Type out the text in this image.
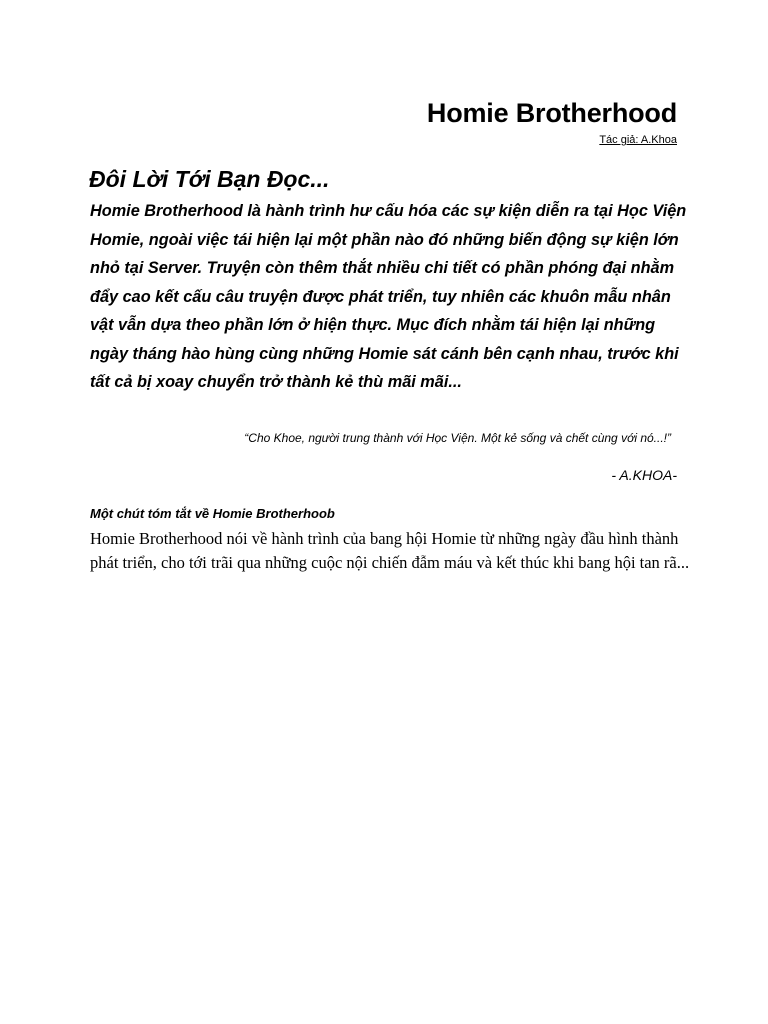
Homie Brotherhood
Tác giả: A.Khoa
Đôi Lời Tới Bạn Đọc...

Homie Brotherhood là hành trình hư cấu hóa các sự kiện diễn ra tại Học Viện Homie, ngoài việc tái hiện lại một phần nào đó những biến động sự kiện lớn nhỏ tại Server. Truyện còn thêm thắt nhiều chi tiết có phần phóng đại nhằm đẩy cao kết cấu câu truyện được phát triển, tuy nhiên các khuôn mẫu nhân vật vẫn dựa theo phần lớn ở hiện thực. Mục đích nhằm tái hiện lại những ngày tháng hào hùng cùng những Homie sát cánh bên cạnh nhau, trước khi tất cả bị xoay chuyển trở thành kẻ thù mãi mãi...

“Cho Khoe, người trung thành với Học Viện. Một kẻ sống và chết cùng với nó...!”
- A.KHOA-
Một chút tóm tắt về Homie Brotherhoob

Homie Brotherhood nói về hành trình của bang hội Homie từ những ngày đầu hình thành phát triển, cho tới trãi qua những cuộc nội chiến đẫm máu và kết thúc khi bang hội tan rã...
